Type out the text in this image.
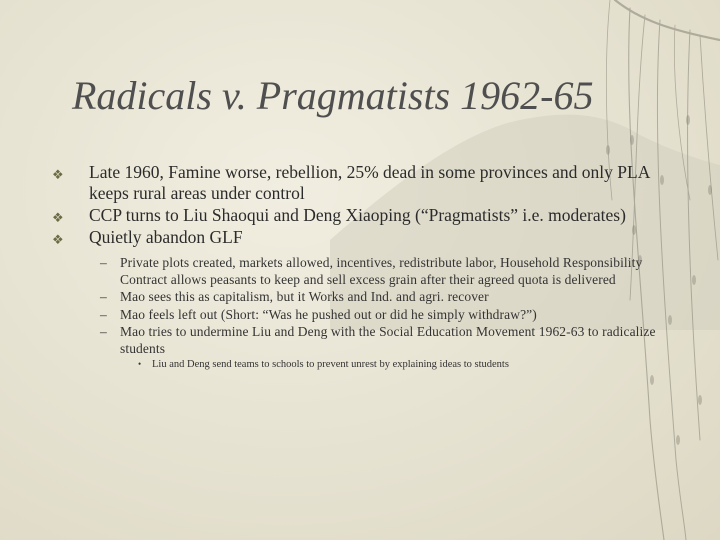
Radicals v. Pragmatists 1962-65
❖ Late 1960, Famine worse, rebellion, 25% dead in some provinces and only PLA keeps rural areas under control
❖ CCP turns to Liu Shaoqui and Deng Xiaoping (“Pragmatists” i.e. moderates)
❖ Quietly abandon GLF
– Private plots created, markets allowed, incentives, redistribute labor, Household Responsibility Contract allows peasants to keep and sell excess grain after their agreed quota is delivered
– Mao sees this as capitalism, but it Works and Ind. and agri. recover
– Mao feels left out (Short: “Was he pushed out or did he simply withdraw?”)
– Mao tries to undermine Liu and Deng with the Social Education Movement 1962-63 to radicalize students
• Liu and Deng send teams to schools to prevent unrest by explaining ideas to students
